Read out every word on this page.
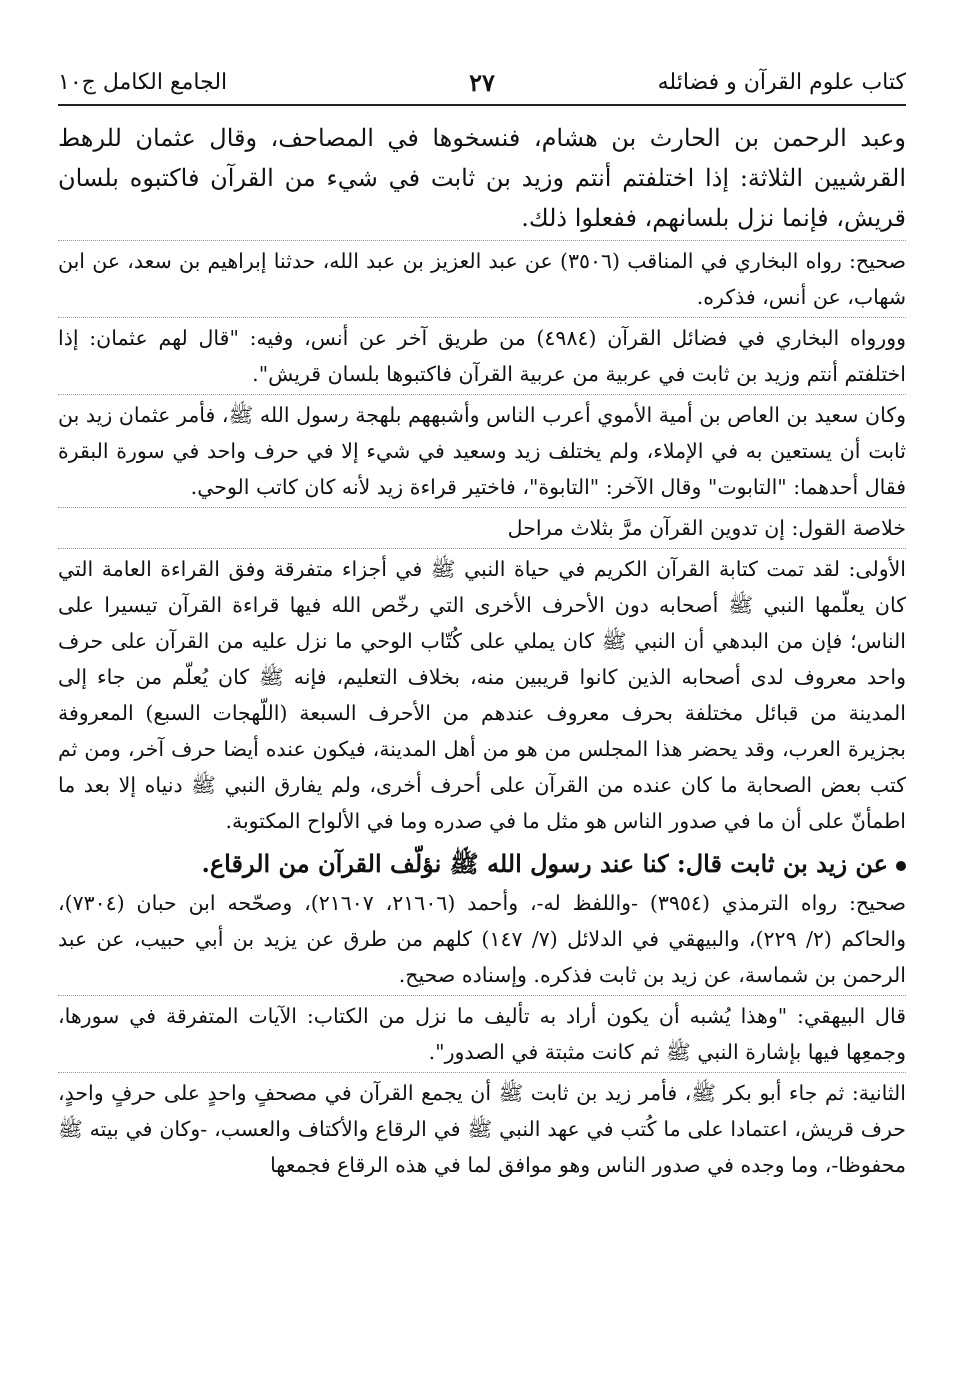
كتاب علوم القرآن و فضائله
٢٧
الجامع الكامل ج١٠

وعبد الرحمن بن الحارث بن هشام، فنسخوها في المصاحف، وقال عثمان للرهط القرشيين الثلاثة: إذا اختلفتم أنتم وزيد بن ثابت في شيء من القرآن فاكتبوه بلسان قريش، فإنما نزل بلسانهم، ففعلوا ذلك.

صحيح: رواه البخاري في المناقب (٣٥٠٦) عن عبد العزيز بن عبد الله، حدثنا إبراهيم بن سعد، عن ابن شهاب، عن أنس، فذكره.

وورواه البخاري في فضائل القرآن (٤٩٨٤) من طريق آخر عن أنس، وفيه: "قال لهم عثمان: إذا اختلفتم أنتم وزيد بن ثابت في عربية من عربية القرآن فاكتبوها بلسان قريش".

وكان سعيد بن العاص بن أمية الأموي أعرب الناس وأشبههم بلهجة رسول الله ﷺ، فأمر عثمان زيد بن ثابت أن يستعين به في الإملاء، ولم يختلف زيد وسعيد في شيء إلا في حرف واحد في سورة البقرة فقال أحدهما: "التابوت" وقال الآخر: "التابوة"، فاختير قراءة زيد لأنه كان كاتب الوحي.

خلاصة القول: إن تدوين القرآن مرَّ بثلاث مراحل

الأولى: لقد تمت كتابة القرآن الكريم في حياة النبي ﷺ في أجزاء متفرقة وفق القراءة العامة التي كان يعلّمها النبي ﷺ أصحابه دون الأحرف الأخرى التي رخّص الله فيها قراءة القرآن تيسيرا على الناس؛ فإن من البدهي أن النبي ﷺ كان يملي على كُتّاب الوحي ما نزل عليه من القرآن على حرف واحد معروف لدى أصحابه الذين كانوا قريبين منه، بخلاف التعليم، فإنه ﷺ كان يُعلّم من جاء إلى المدينة من قبائل مختلفة بحرف معروف عندهم من الأحرف السبعة (اللّهجات السبع) المعروفة بجزيرة العرب، وقد يحضر هذا المجلس من هو من أهل المدينة، فيكون عنده أيضا حرف آخر، ومن ثم كتب بعض الصحابة ما كان عنده من القرآن على أحرف أخرى، ولم يفارق النبي ﷺ دنياه إلا بعد ما اطمأنّ على أن ما في صدور الناس هو مثل ما في صدره وما في الألواح المكتوبة.

عن زيد بن ثابت قال: كنا عند رسول الله ﷺ نؤلّف القرآن من الرقاع.

صحيح: رواه الترمذي (٣٩٥٤) -واللفظ له-، وأحمد (٢١٦٠٦، ٢١٦٠٧)، وصحّحه ابن حبان (٧٣٠٤)، والحاكم (٢/ ٢٢٩)، والبيهقي في الدلائل (٧/ ١٤٧) كلهم من طرق عن يزيد بن أبي حبيب، عن عبد الرحمن بن شماسة، عن زيد بن ثابت فذكره. وإسناده صحيح.

قال البيهقي: "وهذا يُشبه أن يكون أراد به تأليف ما نزل من الكتاب: الآيات المتفرقة في سورها، وجمعِها فيها بإشارة النبي ﷺ ثم كانت مثبتة في الصدور".

الثانية: ثم جاء أبو بكر ﷺ، فأمر زيد بن ثابت ﷺ أن يجمع القرآن في مصحفٍ واحدٍ على حرفٍ واحدٍ، حرف قريش، اعتمادا على ما كُتب في عهد النبي ﷺ في الرقاع والأكتاف والعسب، -وكان في بيته ﷺ محفوظا-، وما وجده في صدور الناس وهو موافق لما في هذه الرقاع فجمعها
